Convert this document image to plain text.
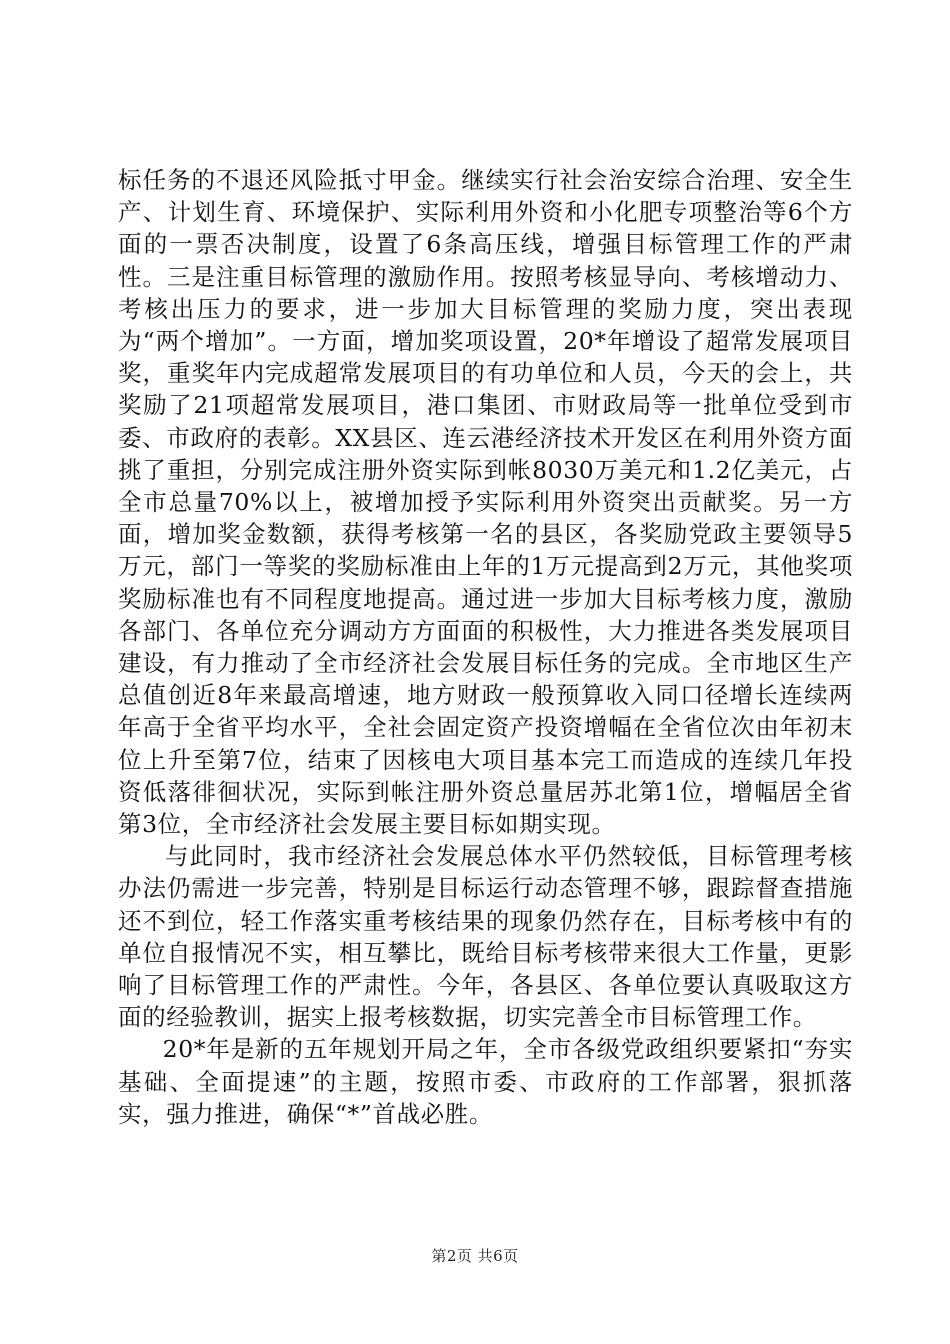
标任务的不退还风险抵寸甲金。继续实行社会治安综合治理、安全生产、计划生育、环境保护、实际利用外资和小化肥专项整治等6个方面的一票否决制度，设置了6条高压线，增强目标管理工作的严肃性。三是注重目标管理的激励作用。按照考核显导向、考核增动力、考核出压力的要求，进一步加大目标管理的奖励力度，突出表现为“两个增加”。一方面，增加奖项设置，20*年增设了超常发展项目奖，重奖年内完成超常发展项目的有功单位和人员，今天的会上，共奖励了21项超常发展项目，港口集团、市财政局等一批单位受到市委、市政府的表彰。XX县区、连云港经济技术开发区在利用外资方面挑了重担，分别完成注册外资实际到帐8030万美元和1.2亿美元，占全市总量70%以上，被增加授予实际利用外资突出贡献奖。另一方面，增加奖金数额，获得考核第一名的县区，各奖励党政主要领导5万元，部门一等奖的奖励标准由上年的1万元提高到2万元，其他奖项奖励标准也有不同程度地提高。通过进一步加大目标考核力度，激励各部门、各单位充分调动方方面面的积极性，大力推进各类发展项目建设，有力推动了全市经济社会发展目标任务的完成。全市地区生产总值创近8年来最高增速，地方财政一般预算收入同口径增长连续两年高于全省平均水平，全社会固定资产投资增幅在全省位次由年初末位上升至第7位，结束了因核电大项目基本完工而造成的连续几年投资低落徘徊状况，实际到帐注册外资总量居苏北第1位，增幅居全省第3位，全市经济社会发展主要目标如期实现。

与此同时，我市经济社会发展总体水平仍然较低，目标管理考核办法仍需进一步完善，特别是目标运行动态管理不够，跟踪督查措施还不到位，轻工作落实重考核结果的现象仍然存在，目标考核中有的单位自报情况不实，相互攀比，既给目标考核带来很大工作量，更影响了目标管理工作的严肃性。今年，各县区、各单位要认真吸取这方面的经验教训，据实上报考核数据，切实完善全市目标管理工作。

20*年是新的五年规划开局之年，全市各级党政组织要紧扣“夯实基础、全面提速”的主题，按照市委、市政府的工作部署，狠抓落实，强力推进，确保“*”首战必胜。

第2页 共6页
